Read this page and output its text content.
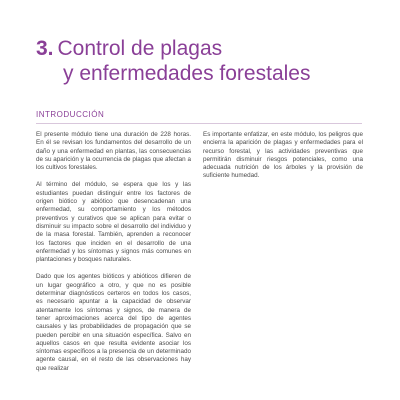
3. Control de plagas
y enfermedades forestales
INTRODUCCIÓN

El presente módulo tiene una duración de 228 horas. En él se revisan los fundamentos del desarrollo de un daño y una enfermedad en plantas, las consecuencias de su aparición y la ocurrencia de plagas que afectan a los cultivos forestales.

Al término del módulo, se espera que los y las estudiantes puedan distinguir entre los factores de origen biótico y abiótico que desencadenan una enfermedad, su comportamiento y los métodos preventivos y curativos que se aplican para evitar o disminuir su impacto sobre el desarrollo del individuo y de la masa forestal. También, aprenden a reconocer los factores que inciden en el desarrollo de una enfermedad y los síntomas y signos más comunes en plantaciones y bosques naturales.

Dado que los agentes bióticos y abióticos difieren de un lugar geográfico a otro, y que no es posible determinar diagnósticos certeros en todos los casos, es necesario apuntar a la capacidad de observar atentamente los síntomas y signos, de manera de tener aproximaciones acerca del tipo de agentes causales y las probabilidades de propagación que se pueden percibir en una situación específica. Salvo en aquellos casos en que resulta evidente asociar los síntomas específicos a la presencia de un determinado agente causal, en el resto de las observaciones hay que realizar

Es importante enfatizar, en este módulo, los peligros que encierra la aparición de plagas y enfermedades para el recurso forestal, y las actividades preventivas que permitirán disminuir riesgos potenciales, como una adecuada nutrición de los árboles y la provisión de suficiente humedad.
